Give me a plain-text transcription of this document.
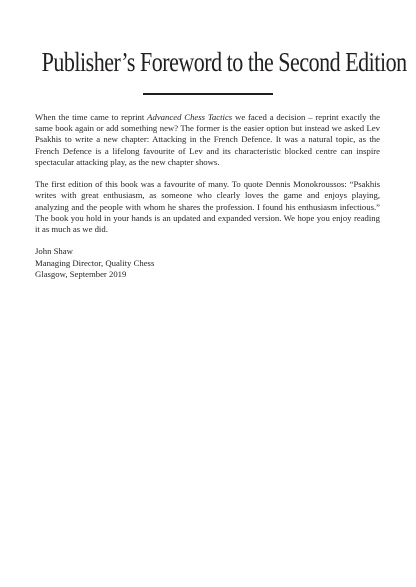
Publisher’s Foreword to the Second Edition

When the time came to reprint Advanced Chess Tactics we faced a decision – reprint exactly the same book again or add something new? The former is the easier option but instead we asked Lev Psakhis to write a new chapter: Attacking in the French Defence. It was a natural topic, as the French Defence is a lifelong favourite of Lev and its characteristic blocked centre can inspire spectacular attacking play, as the new chapter shows.

The first edition of this book was a favourite of many. To quote Dennis Monokroussos: “Psakhis writes with great enthusiasm, as someone who clearly loves the game and enjoys playing, analyzing and the people with whom he shares the profession. I found his enthusiasm infectious.” The book you hold in your hands is an updated and expanded version. We hope you enjoy reading it as much as we did.

John Shaw
Managing Director, Quality Chess
Glasgow, September 2019
